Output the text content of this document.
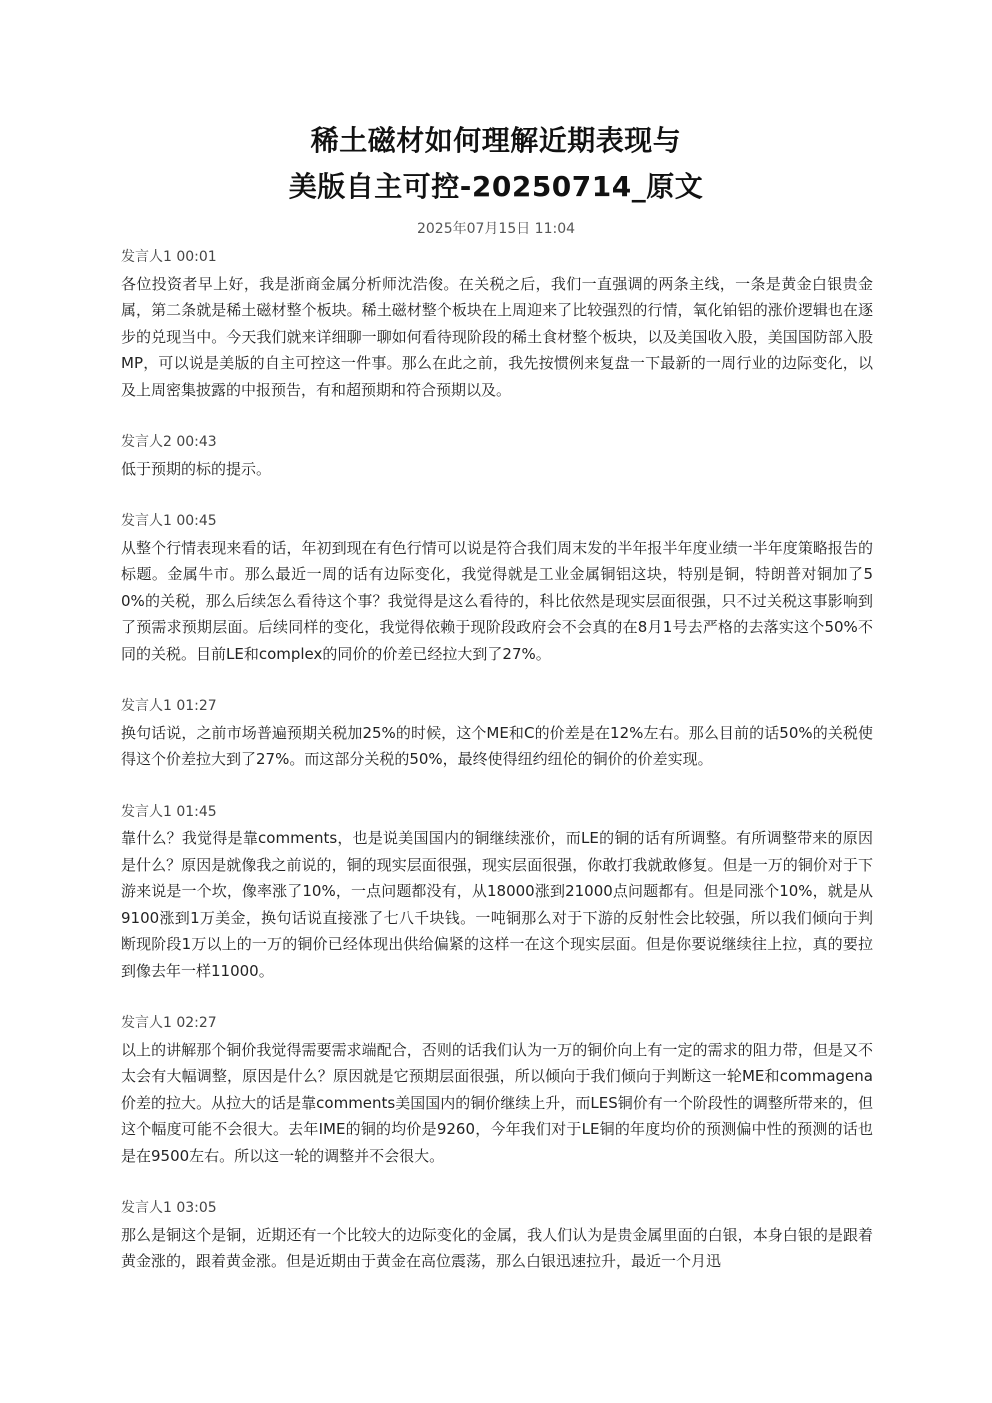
稀土磁材如何理解近期表现与
美版自主可控-20250714_原文
2025年07月15日 11:04
发言人1 00:01
各位投资者早上好，我是浙商金属分析师沈浩俊。在关税之后，我们一直强调的两条主线，一条是黄金白银贵金属，第二条就是稀土磁材整个板块。稀土磁材整个板块在上周迎来了比较强烈的行情，氧化铂铝的涨价逻辑也在逐步的兑现当中。今天我们就来详细聊一聊如何看待现阶段的稀土食材整个板块，以及美国收入股，美国国防部入股MP，可以说是美版的自主可控这一件事。那么在此之前，我先按惯例来复盘一下最新的一周行业的边际变化，以及上周密集披露的中报预告，有和超预期和符合预期以及。
发言人2 00:43
低于预期的标的提示。
发言人1 00:45
从整个行情表现来看的话，年初到现在有色行情可以说是符合我们周末发的半年报半年度业绩一半年度策略报告的标题。金属牛市。那么最近一周的话有边际变化，我觉得就是工业金属铜铝这块，特别是铜，特朗普对铜加了50%的关税，那么后续怎么看待这个事？我觉得是这么看待的，科比依然是现实层面很强，只不过关税这事影响到了预需求预期层面。后续同样的变化，我觉得依赖于现阶段政府会不会真的在8月1号去严格的去落实这个50%不同的关税。目前LE和complex的同价的价差已经拉大到了27%。
发言人1 01:27
换句话说，之前市场普遍预期关税加25%的时候，这个ME和C的价差是在12%左右。那么目前的话50%的关税使得这个价差拉大到了27%。而这部分关税的50%，最终使得纽约纽伦的铜价的价差实现。
发言人1 01:45
靠什么？我觉得是靠comments，也是说美国国内的铜继续涨价，而LE的铜的话有所调整。有所调整带来的原因是什么？原因是就像我之前说的，铜的现实层面很强，现实层面很强，你敢打我就敢修复。但是一万的铜价对于下游来说是一个坎，像率涨了10%，一点问题都没有，从18000涨到21000点问题都有。但是同涨个10%，就是从9100涨到1万美金，换句话说直接涨了七八千块钱。一吨铜那么对于下游的反射性会比较强，所以我们倾向于判断现阶段1万以上的一万的铜价已经体现出供给偏紧的这样一在这个现实层面。但是你要说继续往上拉，真的要拉到像去年一样11000。
发言人1 02:27
以上的讲解那个铜价我觉得需要需求端配合，否则的话我们认为一万的铜价向上有一定的需求的阻力带，但是又不太会有大幅调整，原因是什么？原因就是它预期层面很强，所以倾向于我们倾向于判断这一轮ME和commagena价差的拉大。从拉大的话是靠comments美国国内的铜价继续上升，而LES铜价有一个阶段性的调整所带来的，但这个幅度可能不会很大。去年IME的铜的均价是9260，今年我们对于LE铜的年度均价的预测偏中性的预测的话也是在9500左右。所以这一轮的调整并不会很大。
发言人1 03:05
那么是铜这个是铜，近期还有一个比较大的边际变化的金属，我人们认为是贵金属里面的白银，本身白银的是跟着黄金涨的，跟着黄金涨。但是近期由于黄金在高位震荡，那么白银迅速拉升，最近一个月迅
